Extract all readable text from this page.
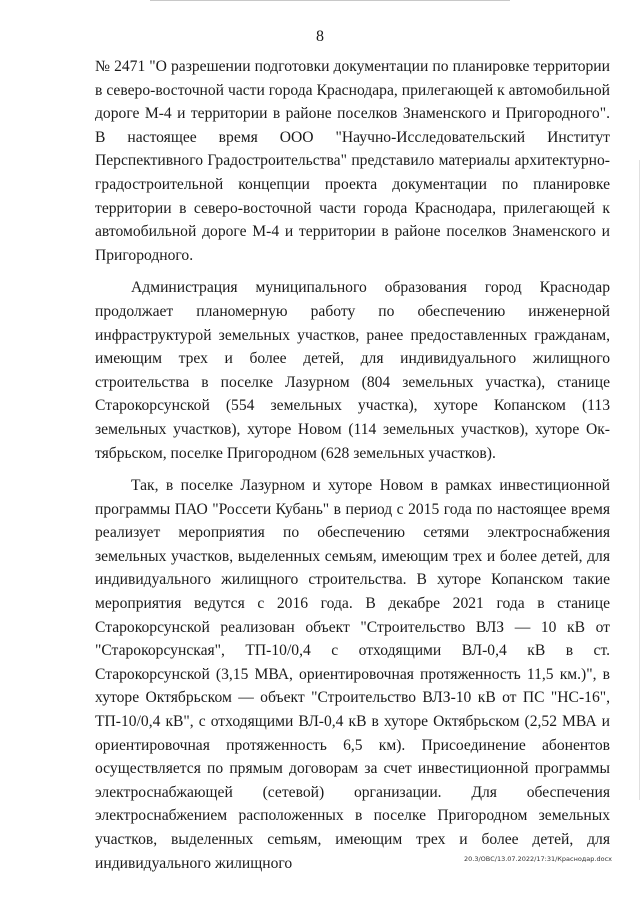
8

№ 2471 "О разрешении подготовки документации по планировке территории в северо-восточной части города Краснодара, прилегающей к автомобильной дороге М-4 и территории в районе поселков Знаменского и Пригородного". В настоящее время ООО "Научно-Исследовательский Институт Перспективного Градостроительства" представило материалы архитектурно-градостроительной концепции проекта документации по планировке территории в северо-восточной части города Краснодара, прилегающей к автомобильной дороге М-4 и территории в районе поселков Знаменского и Пригородного.

Администрация муниципального образования город Краснодар продолжает планомерную работу по обеспечению инженерной инфраструктурой земельных участков, ранее предоставленных гражданам, имеющим трех и более детей, для индивидуального жилищного строительства в поселке Лазурном (804 земельных участка), станице Старокорсунской (554 земельных участка), хуторе Копанском (113 земельных участков), хуторе Новом (114 земельных участков), хуторе Октябрьском, поселке Пригородном (628 земельных участков).

Так, в поселке Лазурном и хуторе Новом в рамках инвестиционной программы ПАО "Россети Кубань" в период с 2015 года по настоящее время реализует мероприятия по обеспечению сетями электроснабжения земельных участков, выделенных семьям, имеющим трех и более детей, для индивидуального жилищного строительства. В хуторе Копанском такие мероприятия ведутся с 2016 года. В декабре 2021 года в станице Старокорсунской реализован объект "Строительство ВЛЗ — 10 кВ от "Старокорсунская", ТП-10/0,4 с отходящими ВЛ-0,4 кВ в ст. Старокорсунской (3,15 МВА, ориентировочная протяженность 11,5 км.)", в хуторе Октябрьском — объект "Строительство ВЛЗ-10 кВ от ПС "НС-16", ТП-10/0,4 кВ", с отходящими ВЛ-0,4 кВ в хуторе Октябрьском (2,52 МВА и ориентировочная протяженность 6,5 км). Присоединение абонентов осуществляется по прямым договорам за счет инвестиционной программы электроснабжающей (сетевой) организации. Для обеспечения электроснабжением расположенных в поселке Пригородном земельных участков, выделенных сеmьям, имеющим трех и более детей, для индивидуального жилищного	20.3/ОВС/13.07.2022/17:31/Краснодар.docx
